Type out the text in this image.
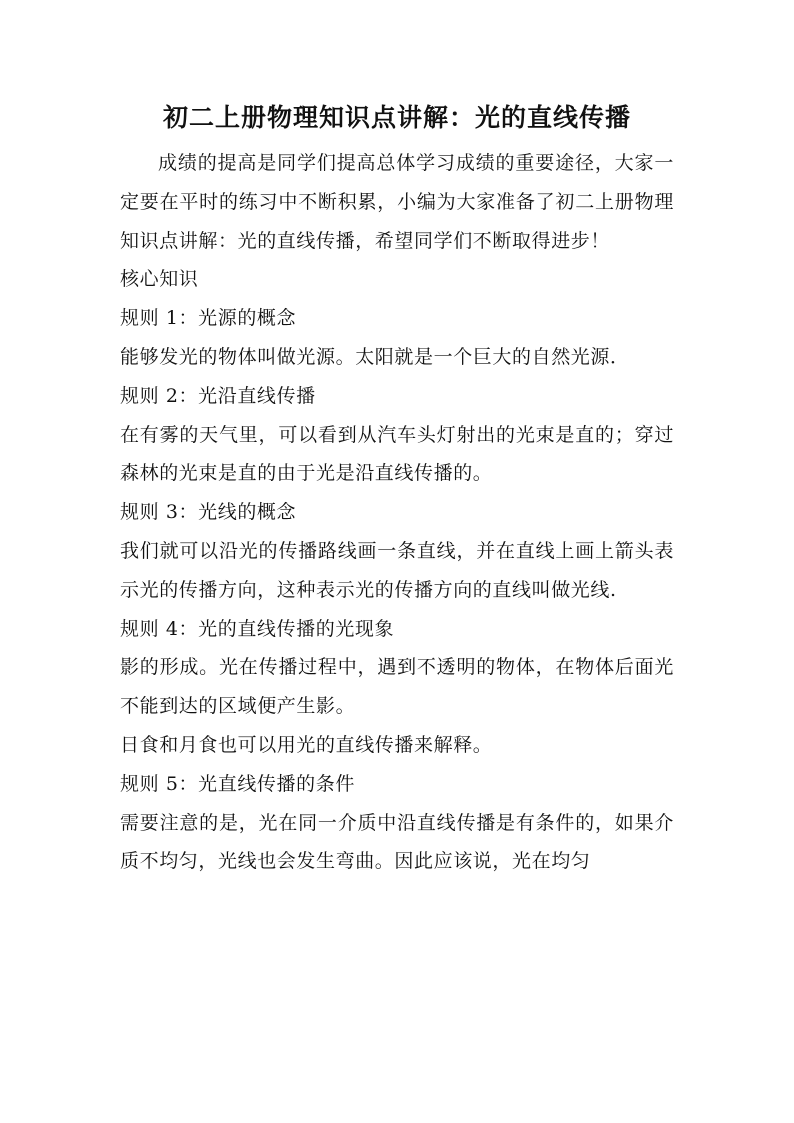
初二上册物理知识点讲解：光的直线传播

成绩的提高是同学们提高总体学习成绩的重要途径，大家一定要在平时的练习中不断积累，小编为大家准备了初二上册物理知识点讲解：光的直线传播，希望同学们不断取得进步！

核心知识

规则 1：光源的概念

能够发光的物体叫做光源。太阳就是一个巨大的自然光源．

规则 2：光沿直线传播

在有雾的天气里，可以看到从汽车头灯射出的光束是直的；穿过森林的光束是直的由于光是沿直线传播的。

规则 3：光线的概念

我们就可以沿光的传播路线画一条直线，并在直线上画上箭头表示光的传播方向，这种表示光的传播方向的直线叫做光线.

规则 4：光的直线传播的光现象

影的形成。光在传播过程中，遇到不透明的物体，在物体后面光不能到达的区域便产生影。

日食和月食也可以用光的直线传播来解释。

规则 5：光直线传播的条件

需要注意的是，光在同一介质中沿直线传播是有条件的，如果介质不均匀，光线也会发生弯曲。因此应该说，光在均匀
